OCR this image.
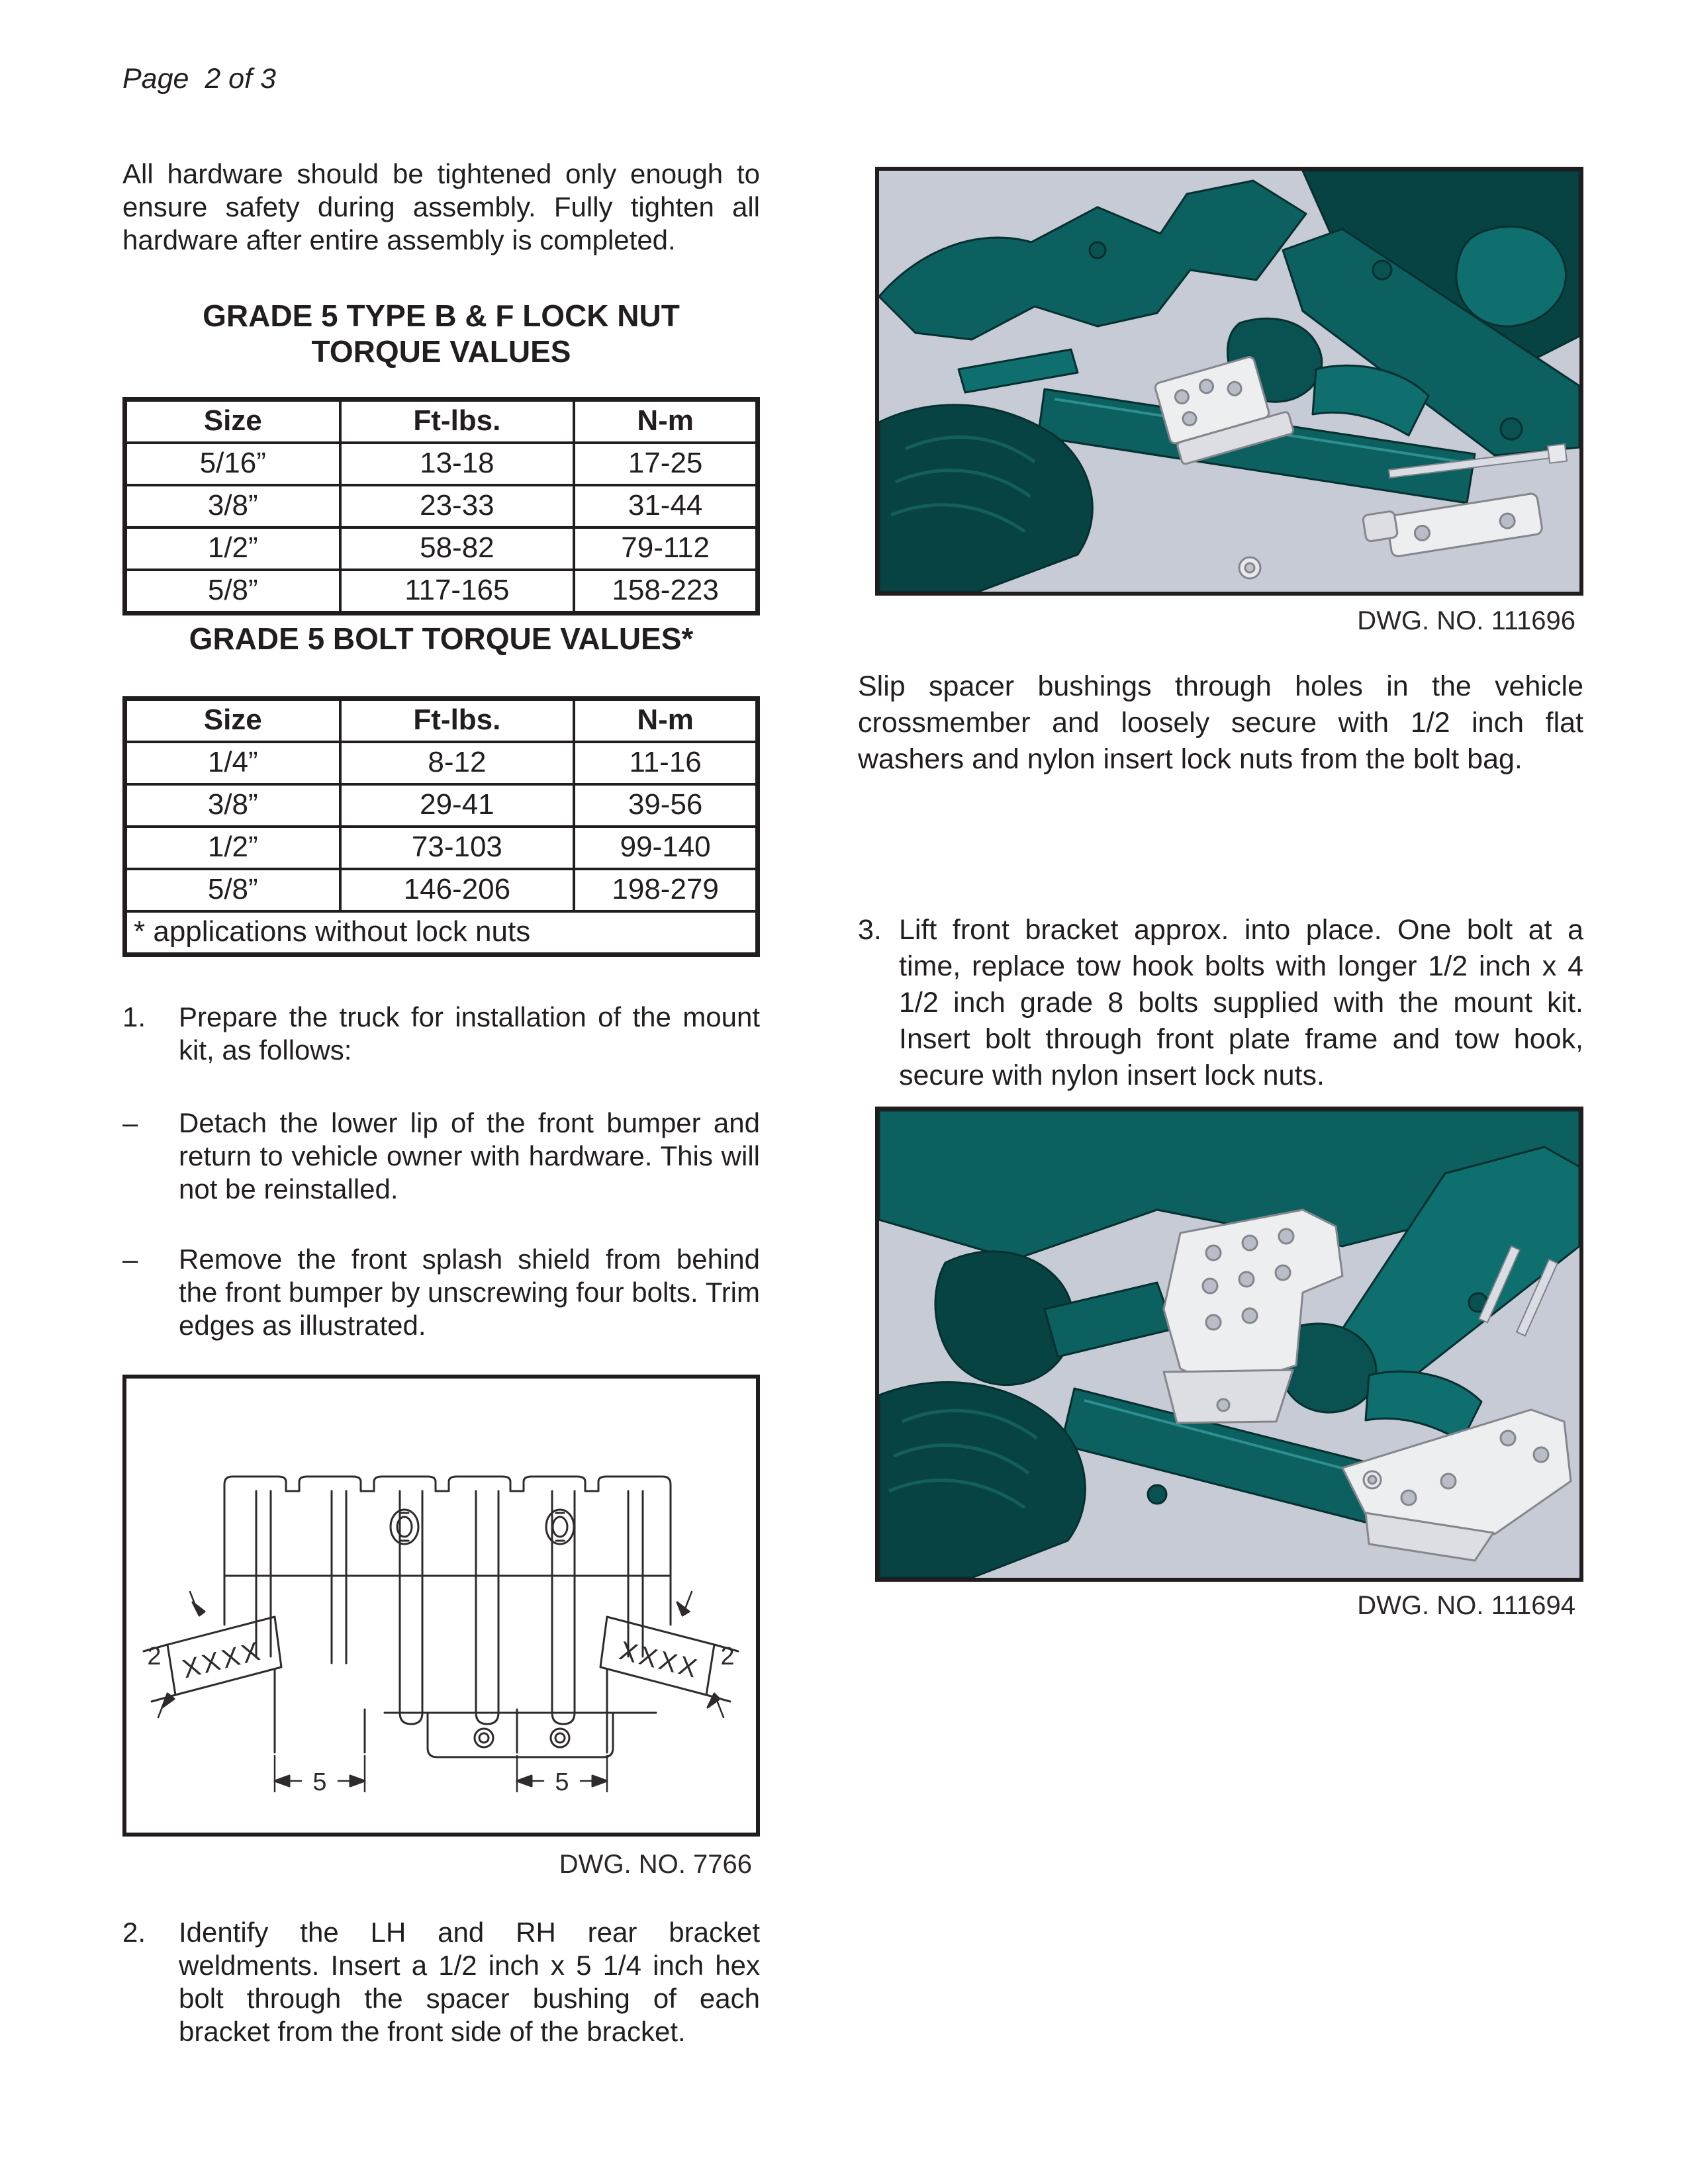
Page  2 of 3
All hardware should be tightened only enough to ensure safety during assembly. Fully tighten all hardware after entire assembly is completed.
GRADE 5 TYPE B & F LOCK NUT
TORQUE VALUES
Size	Ft-lbs.	N-m
5/16”	13-18	17-25
3/8”	23-33	31-44
1/2”	58-82	79-112
5/8”	117-165	158-223
GRADE 5 BOLT TORQUE VALUES*
Size	Ft-lbs.	N-m
1/4”	8-12	11-16
3/8”	29-41	39-56
1/2”	73-103	99-140
5/8”	146-206	198-279
* applications without lock nuts		
1.	Prepare the truck for installation of the mount kit, as follows:
–	Detach the lower lip of the front bumper and return to vehicle owner with hardware. This will not be reinstalled.
–	Remove the front splash shield from behind the front bumper by unscrewing four bolts. Trim edges as illustrated.
5	5
2	2
XXXX	XXXX
DWG. NO. 7766
2.	Identify the LH and RH rear bracket weldments. Insert a 1/2 inch x 5 1/4 inch hex bolt through the spacer bushing of each bracket from the front side of the bracket.
DWG. NO. 111696
Slip spacer bushings through holes in the vehicle crossmember and loosely secure with 1/2 inch flat washers and nylon insert lock nuts from the bolt bag.
3. Lift front bracket approx. into place. One bolt at a time, replace tow hook bolts with longer 1/2 inch x 4 1/2 inch grade 8 bolts supplied with the mount kit. Insert bolt through front plate frame and tow hook, secure with nylon insert lock nuts.
DWG. NO. 111694
